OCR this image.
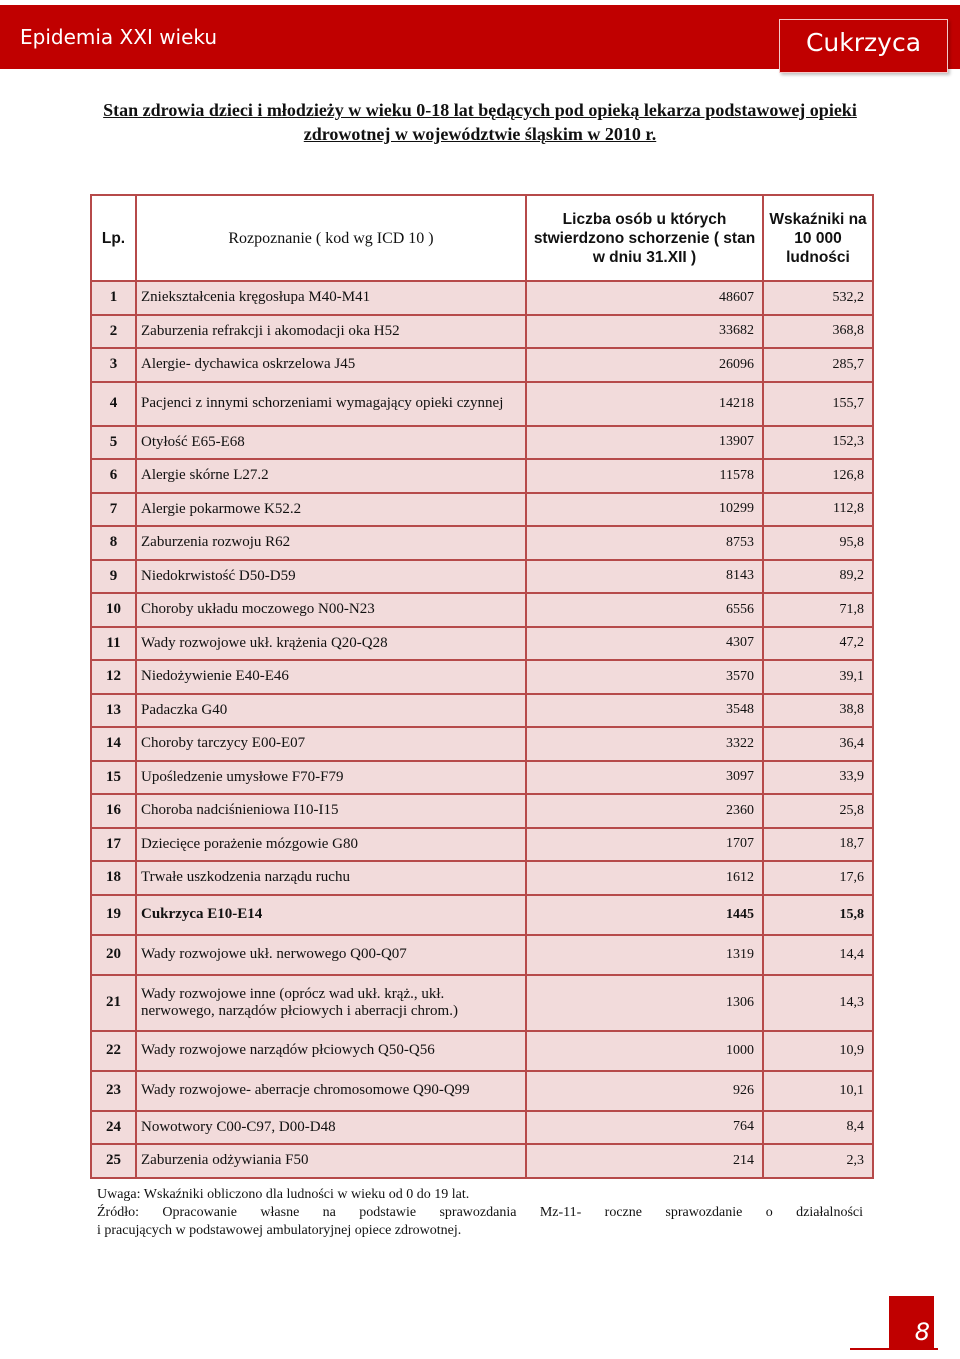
Epidemia XXI wieku	Cukrzyca
Stan zdrowia dzieci i młodzieży w wieku 0-18 lat będących pod opieką lekarza podstawowej opieki zdrowotnej w województwie śląskim w 2010 r.
Lp.	Rozpoznanie ( kod wg ICD 10 )	Liczba osób u których stwierdzono schorzenie ( stan w dniu 31.XII )	Wskaźniki na 10 000 ludności
1	Zniekształcenia kręgosłupa M40-M41	48607	532,2
2	Zaburzenia refrakcji i akomodacji oka H52	33682	368,8
3	Alergie- dychawica oskrzelowa J45	26096	285,7
4	Pacjenci z innymi schorzeniami wymagający opieki czynnej	14218	155,7
5	Otyłość E65-E68	13907	152,3
6	Alergie skórne L27.2	11578	126,8
7	Alergie pokarmowe K52.2	10299	112,8
8	Zaburzenia rozwoju R62	8753	95,8
9	Niedokrwistość D50-D59	8143	89,2
10	Choroby układu moczowego N00-N23	6556	71,8
11	Wady rozwojowe ukł. krążenia Q20-Q28	4307	47,2
12	Niedożywienie E40-E46	3570	39,1
13	Padaczka G40	3548	38,8
14	Choroby tarczycy E00-E07	3322	36,4
15	Upośledzenie umysłowe F70-F79	3097	33,9
16	Choroba nadciśnieniowa I10-I15	2360	25,8
17	Dziecięce porażenie mózgowie G80	1707	18,7
18	Trwałe uszkodzenia narządu ruchu	1612	17,6
19	Cukrzyca E10-E14	1445	15,8
20	Wady rozwojowe ukł. nerwowego Q00-Q07	1319	14,4
21	Wady rozwojowe inne (oprócz wad ukł. krąż., ukł. nerwowego, narządów płciowych i aberracji chrom.)	1306	14,3
22	Wady rozwojowe narządów płciowych Q50-Q56	1000	10,9
23	Wady rozwojowe- aberracje chromosomowe Q90-Q99	926	10,1
24	Nowotwory C00-C97, D00-D48	764	8,4
25	Zaburzenia odżywiania F50	214	2,3

Uwaga: Wskaźniki obliczono dla ludności w wieku od 0 do 19 lat.

Źródło: Opracowanie własne na podstawie sprawozdania Mz-11- roczne sprawozdanie o działalności

i pracujących w podstawowej ambulatoryjnej opiece zdrowotnej.

8
